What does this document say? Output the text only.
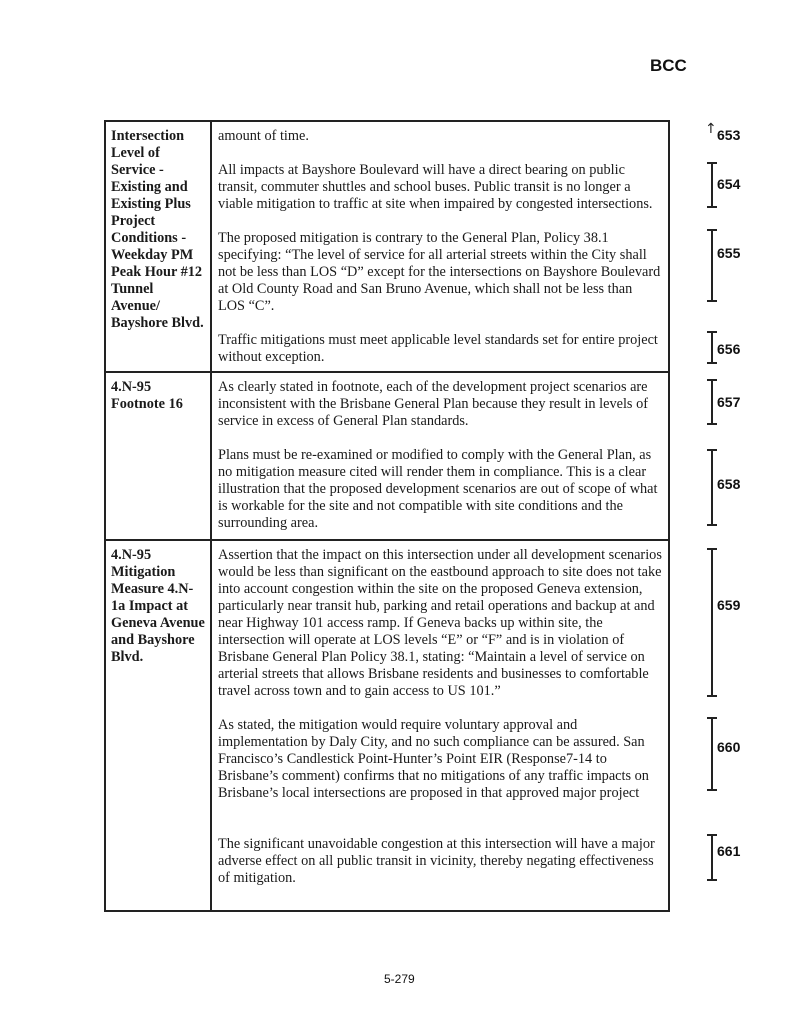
BCC
Intersection Level of Service - Existing and Existing Plus Project Conditions - Weekday PM Peak Hour #12 Tunnel Avenue/ Bayshore Blvd.	amount of time.

All impacts at Bayshore Boulevard will have a direct bearing on public transit, commuter shuttles and school buses. Public transit is no longer a viable mitigation to traffic at site when impaired by congested intersections.

The proposed mitigation is contrary to the General Plan, Policy 38.1 specifying: “The level of service for all arterial streets within the City shall not be less than LOS “D” except for the intersections on Bayshore Boulevard at Old County Road and San Bruno Avenue, which shall not be less than LOS “C”.

Traffic mitigations must meet applicable level standards set for entire project without exception.

4.N-95 Footnote 16	As clearly stated in footnote, each of the development project scenarios are inconsistent with the Brisbane General Plan because they result in levels of service in excess of General Plan standards.

Plans must be re-examined or modified to comply with the General Plan, as no mitigation measure cited will render them in compliance. This is a clear illustration that the proposed development scenarios are out of scope of what is workable for the site and not compatible with site conditions and the surrounding area.

4.N-95 Mitigation Measure 4.N-1a Impact at Geneva Avenue and Bayshore Blvd.	Assertion that the impact on this intersection under all development scenarios would be less than significant on the eastbound approach to site does not take into account congestion within the site on the proposed Geneva extension, particularly near transit hub, parking and retail operations and backup at and near Highway 101 access ramp. If Geneva backs up within site, the intersection will operate at LOS levels “E” or “F” and is in violation of Brisbane General Plan Policy 38.1, stating: “Maintain a level of service on arterial streets that allows Brisbane residents and businesses to comfortable travel across town and to gain access to US 101.”

As stated, the mitigation would require voluntary approval and implementation by Daly City, and no such compliance can be assured. San Francisco’s Candlestick Point-Hunter’s Point EIR (Response7-14 to Brisbane’s comment) confirms that no mitigations of any traffic impacts on Brisbane’s local intersections are proposed in that approved major project

The significant unavoidable congestion at this intersection will have a major adverse effect on all public transit in vicinity, thereby negating effectiveness of mitigation.

↑ 653
654
655
656
657
658
659
660
661
5-279
